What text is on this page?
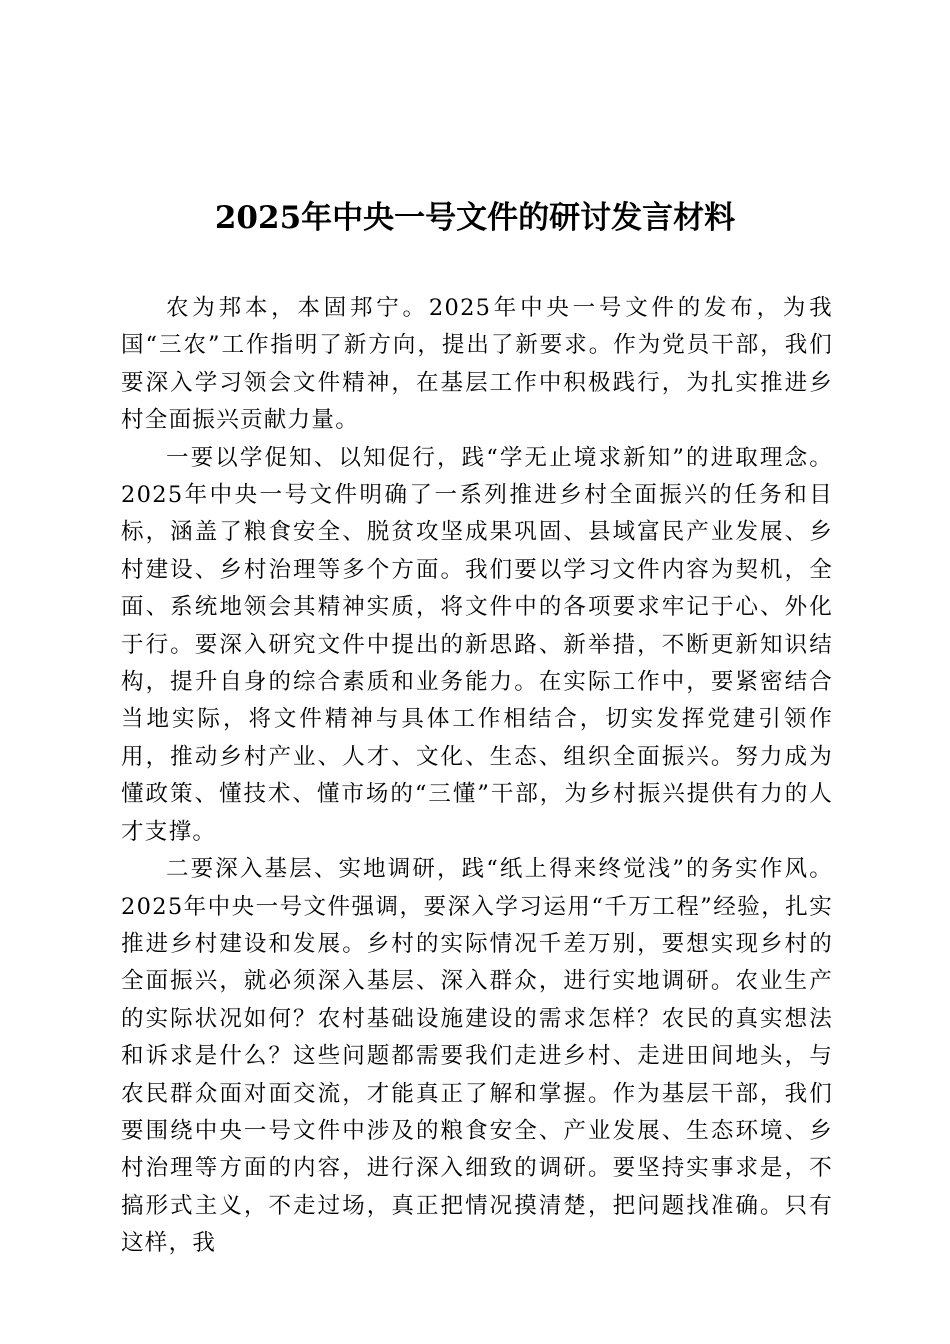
2025年中央一号文件的研讨发言材料

农为邦本，本固邦宁。2025年中央一号文件的发布，为我国“三农”工作指明了新方向，提出了新要求。作为党员干部，我们要深入学习领会文件精神，在基层工作中积极践行，为扎实推进乡村全面振兴贡献力量。

一要以学促知、以知促行，践“学无止境求新知”的进取理念。2025年中央一号文件明确了一系列推进乡村全面振兴的任务和目标，涵盖了粮食安全、脱贫攻坚成果巩固、县域富民产业发展、乡村建设、乡村治理等多个方面。我们要以学习文件内容为契机，全面、系统地领会其精神实质，将文件中的各项要求牢记于心、外化于行。要深入研究文件中提出的新思路、新举措，不断更新知识结构，提升自身的综合素质和业务能力。在实际工作中，要紧密结合当地实际，将文件精神与具体工作相结合，切实发挥党建引领作用，推动乡村产业、人才、文化、生态、组织全面振兴。努力成为懂政策、懂技术、懂市场的“三懂”干部，为乡村振兴提供有力的人才支撑。

二要深入基层、实地调研，践“纸上得来终觉浅”的务实作风。2025年中央一号文件强调，要深入学习运用“千万工程”经验，扎实推进乡村建设和发展。乡村的实际情况千差万别，要想实现乡村的全面振兴，就必须深入基层、深入群众，进行实地调研。农业生产的实际状况如何？农村基础设施建设的需求怎样？农民的真实想法和诉求是什么？这些问题都需要我们走进乡村、走进田间地头，与农民群众面对面交流，才能真正了解和掌握。作为基层干部，我们要围绕中央一号文件中涉及的粮食安全、产业发展、生态环境、乡村治理等方面的内容，进行深入细致的调研。要坚持实事求是，不搞形式主义，不走过场，真正把情况摸清楚，把问题找准确。只有这样，我
